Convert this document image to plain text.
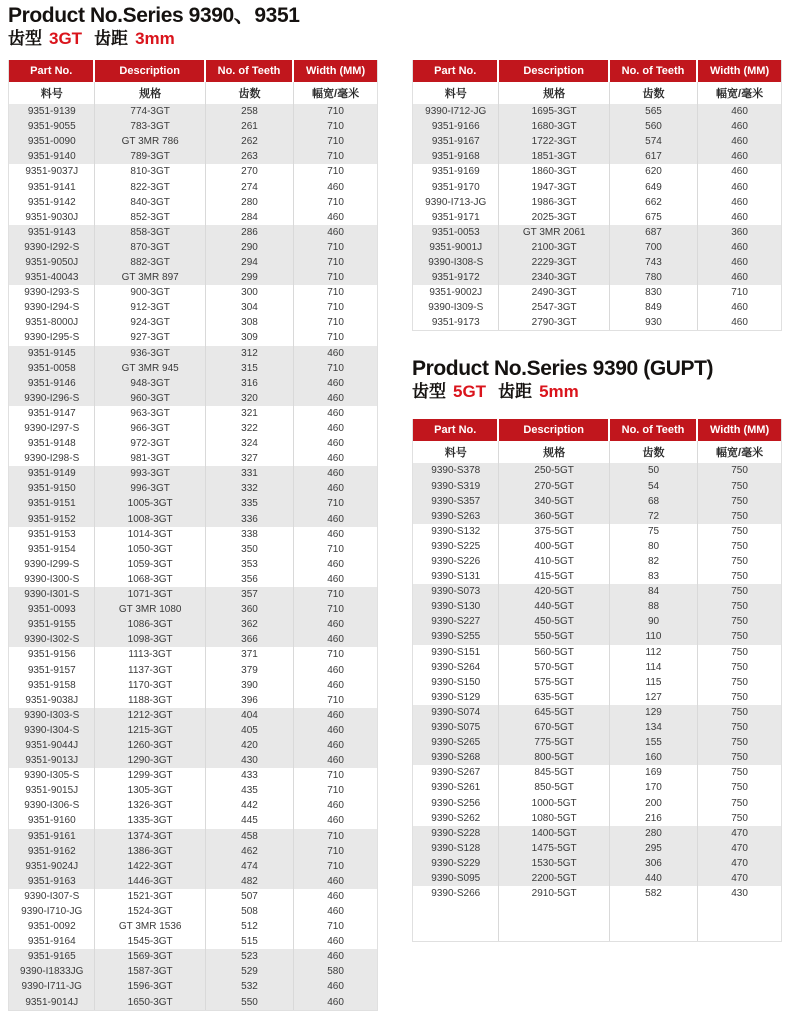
Product No.Series 9390、9351
齿型 3GT 齿距 3mm
Part No.	Description	No. of Teeth	Width (MM)
料号	规格	齿数	幅宽/毫米
9351-9139	774-3GT	258	710
9351-9055	783-3GT	261	710
9351-0090	GT 3MR 786	262	710
9351-9140	789-3GT	263	710
9351-9037J	810-3GT	270	710
9351-9141	822-3GT	274	460
9351-9142	840-3GT	280	710
9351-9030J	852-3GT	284	460
9351-9143	858-3GT	286	460
9390-I292-S	870-3GT	290	710
9351-9050J	882-3GT	294	710
9351-40043	GT 3MR 897	299	710
9390-I293-S	900-3GT	300	710
9390-I294-S	912-3GT	304	710
9351-8000J	924-3GT	308	710
9390-I295-S	927-3GT	309	710
9351-9145	936-3GT	312	460
9351-0058	GT 3MR 945	315	710
9351-9146	948-3GT	316	460
9390-I296-S	960-3GT	320	460
9351-9147	963-3GT	321	460
9390-I297-S	966-3GT	322	460
9351-9148	972-3GT	324	460
9390-I298-S	981-3GT	327	460
9351-9149	993-3GT	331	460
9351-9150	996-3GT	332	460
9351-9151	1005-3GT	335	710
9351-9152	1008-3GT	336	460
9351-9153	1014-3GT	338	460
9351-9154	1050-3GT	350	710
9390-I299-S	1059-3GT	353	460
9390-I300-S	1068-3GT	356	460
9390-I301-S	1071-3GT	357	710
9351-0093	GT 3MR 1080	360	710
9351-9155	1086-3GT	362	460
9390-I302-S	1098-3GT	366	460
9351-9156	1113-3GT	371	710
9351-9157	1137-3GT	379	460
9351-9158	1170-3GT	390	460
9351-9038J	1188-3GT	396	710
9390-I303-S	1212-3GT	404	460
9390-I304-S	1215-3GT	405	460
9351-9044J	1260-3GT	420	460
9351-9013J	1290-3GT	430	460
9390-I305-S	1299-3GT	433	710
9351-9015J	1305-3GT	435	710
9390-I306-S	1326-3GT	442	460
9351-9160	1335-3GT	445	460
9351-9161	1374-3GT	458	710
9351-9162	1386-3GT	462	710
9351-9024J	1422-3GT	474	710
9351-9163	1446-3GT	482	460
9390-I307-S	1521-3GT	507	460
9390-I710-JG	1524-3GT	508	460
9351-0092	GT 3MR 1536	512	710
9351-9164	1545-3GT	515	460
9351-9165	1569-3GT	523	460
9390-I1833JG	1587-3GT	529	580
9390-I711-JG	1596-3GT	532	460
9351-9014J	1650-3GT	550	460
Part No.	Description	No. of Teeth	Width (MM)
料号	规格	齿数	幅宽/毫米
9390-I712-JG	1695-3GT	565	460
9351-9166	1680-3GT	560	460
9351-9167	1722-3GT	574	460
9351-9168	1851-3GT	617	460
9351-9169	1860-3GT	620	460
9351-9170	1947-3GT	649	460
9390-I713-JG	1986-3GT	662	460
9351-9171	2025-3GT	675	460
9351-0053	GT 3MR 2061	687	360
9351-9001J	2100-3GT	700	460
9390-I308-S	2229-3GT	743	460
9351-9172	2340-3GT	780	460
9351-9002J	2490-3GT	830	710
9390-I309-S	2547-3GT	849	460
9351-9173	2790-3GT	930	460
Product No.Series 9390 (GUPT)
齿型 5GT 齿距 5mm
Part No.	Description	No. of Teeth	Width (MM)
料号	规格	齿数	幅宽/毫米
9390-S378	250-5GT	50	750
9390-S319	270-5GT	54	750
9390-S357	340-5GT	68	750
9390-S263	360-5GT	72	750
9390-S132	375-5GT	75	750
9390-S225	400-5GT	80	750
9390-S226	410-5GT	82	750
9390-S131	415-5GT	83	750
9390-S073	420-5GT	84	750
9390-S130	440-5GT	88	750
9390-S227	450-5GT	90	750
9390-S255	550-5GT	110	750
9390-S151	560-5GT	112	750
9390-S264	570-5GT	114	750
9390-S150	575-5GT	115	750
9390-S129	635-5GT	127	750
9390-S074	645-5GT	129	750
9390-S075	670-5GT	134	750
9390-S265	775-5GT	155	750
9390-S268	800-5GT	160	750
9390-S267	845-5GT	169	750
9390-S261	850-5GT	170	750
9390-S256	1000-5GT	200	750
9390-S262	1080-5GT	216	750
9390-S228	1400-5GT	280	470
9390-S128	1475-5GT	295	470
9390-S229	1530-5GT	306	470
9390-S095	2200-5GT	440	470
9390-S266	2910-5GT	582	430
